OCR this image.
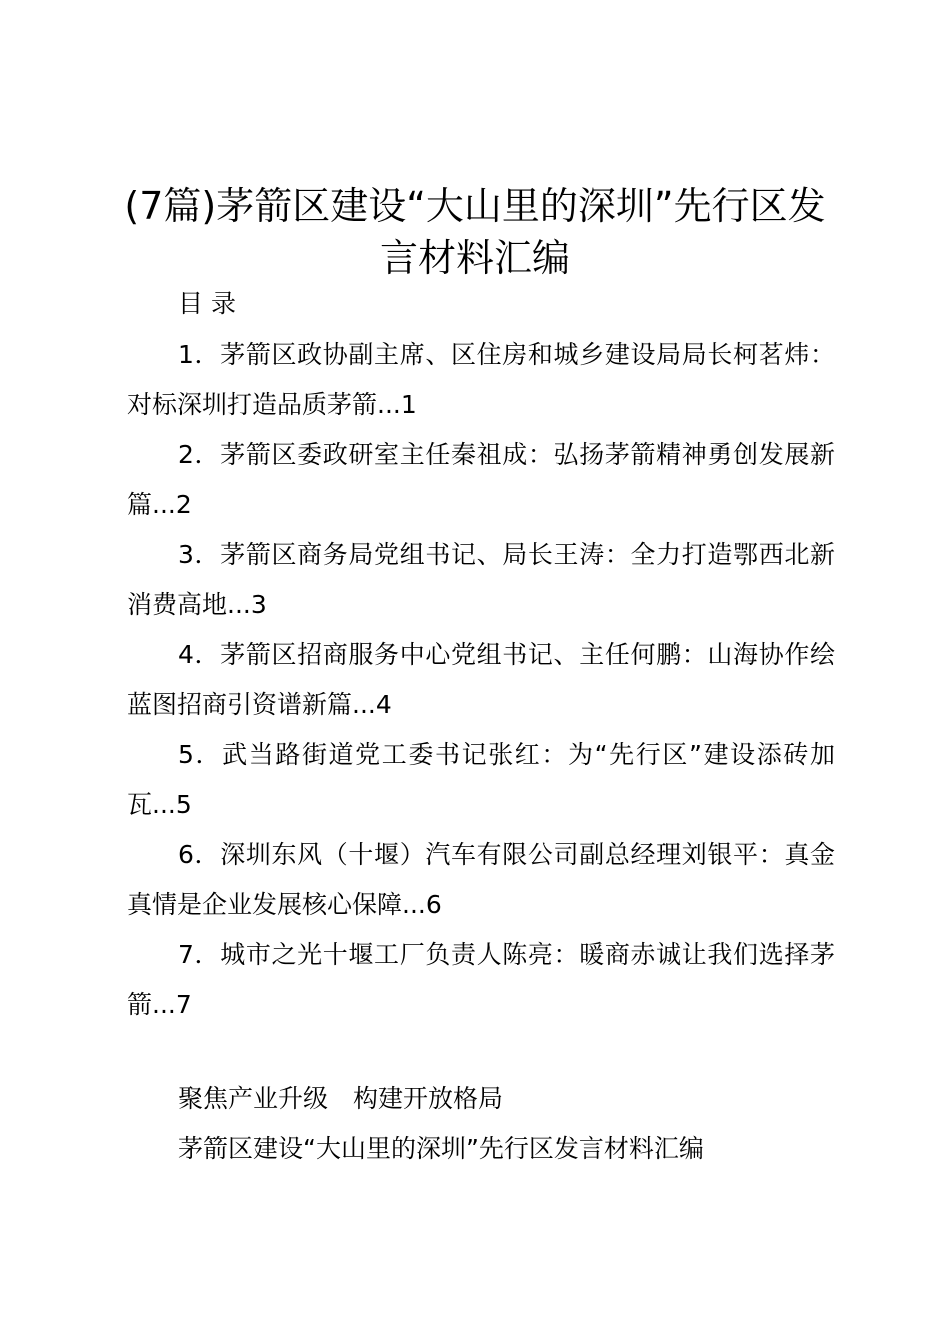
(7篇)茅箭区建设“大山里的深圳”先行区发
言材料汇编

目 录

1．茅箭区政协副主席、区住房和城乡建设局局长柯茗炜：对标深圳打造品质茅箭...1

2．茅箭区委政研室主任秦祖成：弘扬茅箭精神勇创发展新篇...2

3．茅箭区商务局党组书记、局长王涛：全力打造鄂西北新消费高地...3

4．茅箭区招商服务中心党组书记、主任何鹏：山海协作绘蓝图招商引资谱新篇...4

5．武当路街道党工委书记张红：为“先行区”建设添砖加瓦...5

6．深圳东风（十堰）汽车有限公司副总经理刘银平：真金真情是企业发展核心保障...6

7．城市之光十堰工厂负责人陈亮：暖商赤诚让我们选择茅箭...7

聚焦产业升级　构建开放格局

茅箭区建设“大山里的深圳”先行区发言材料汇编
